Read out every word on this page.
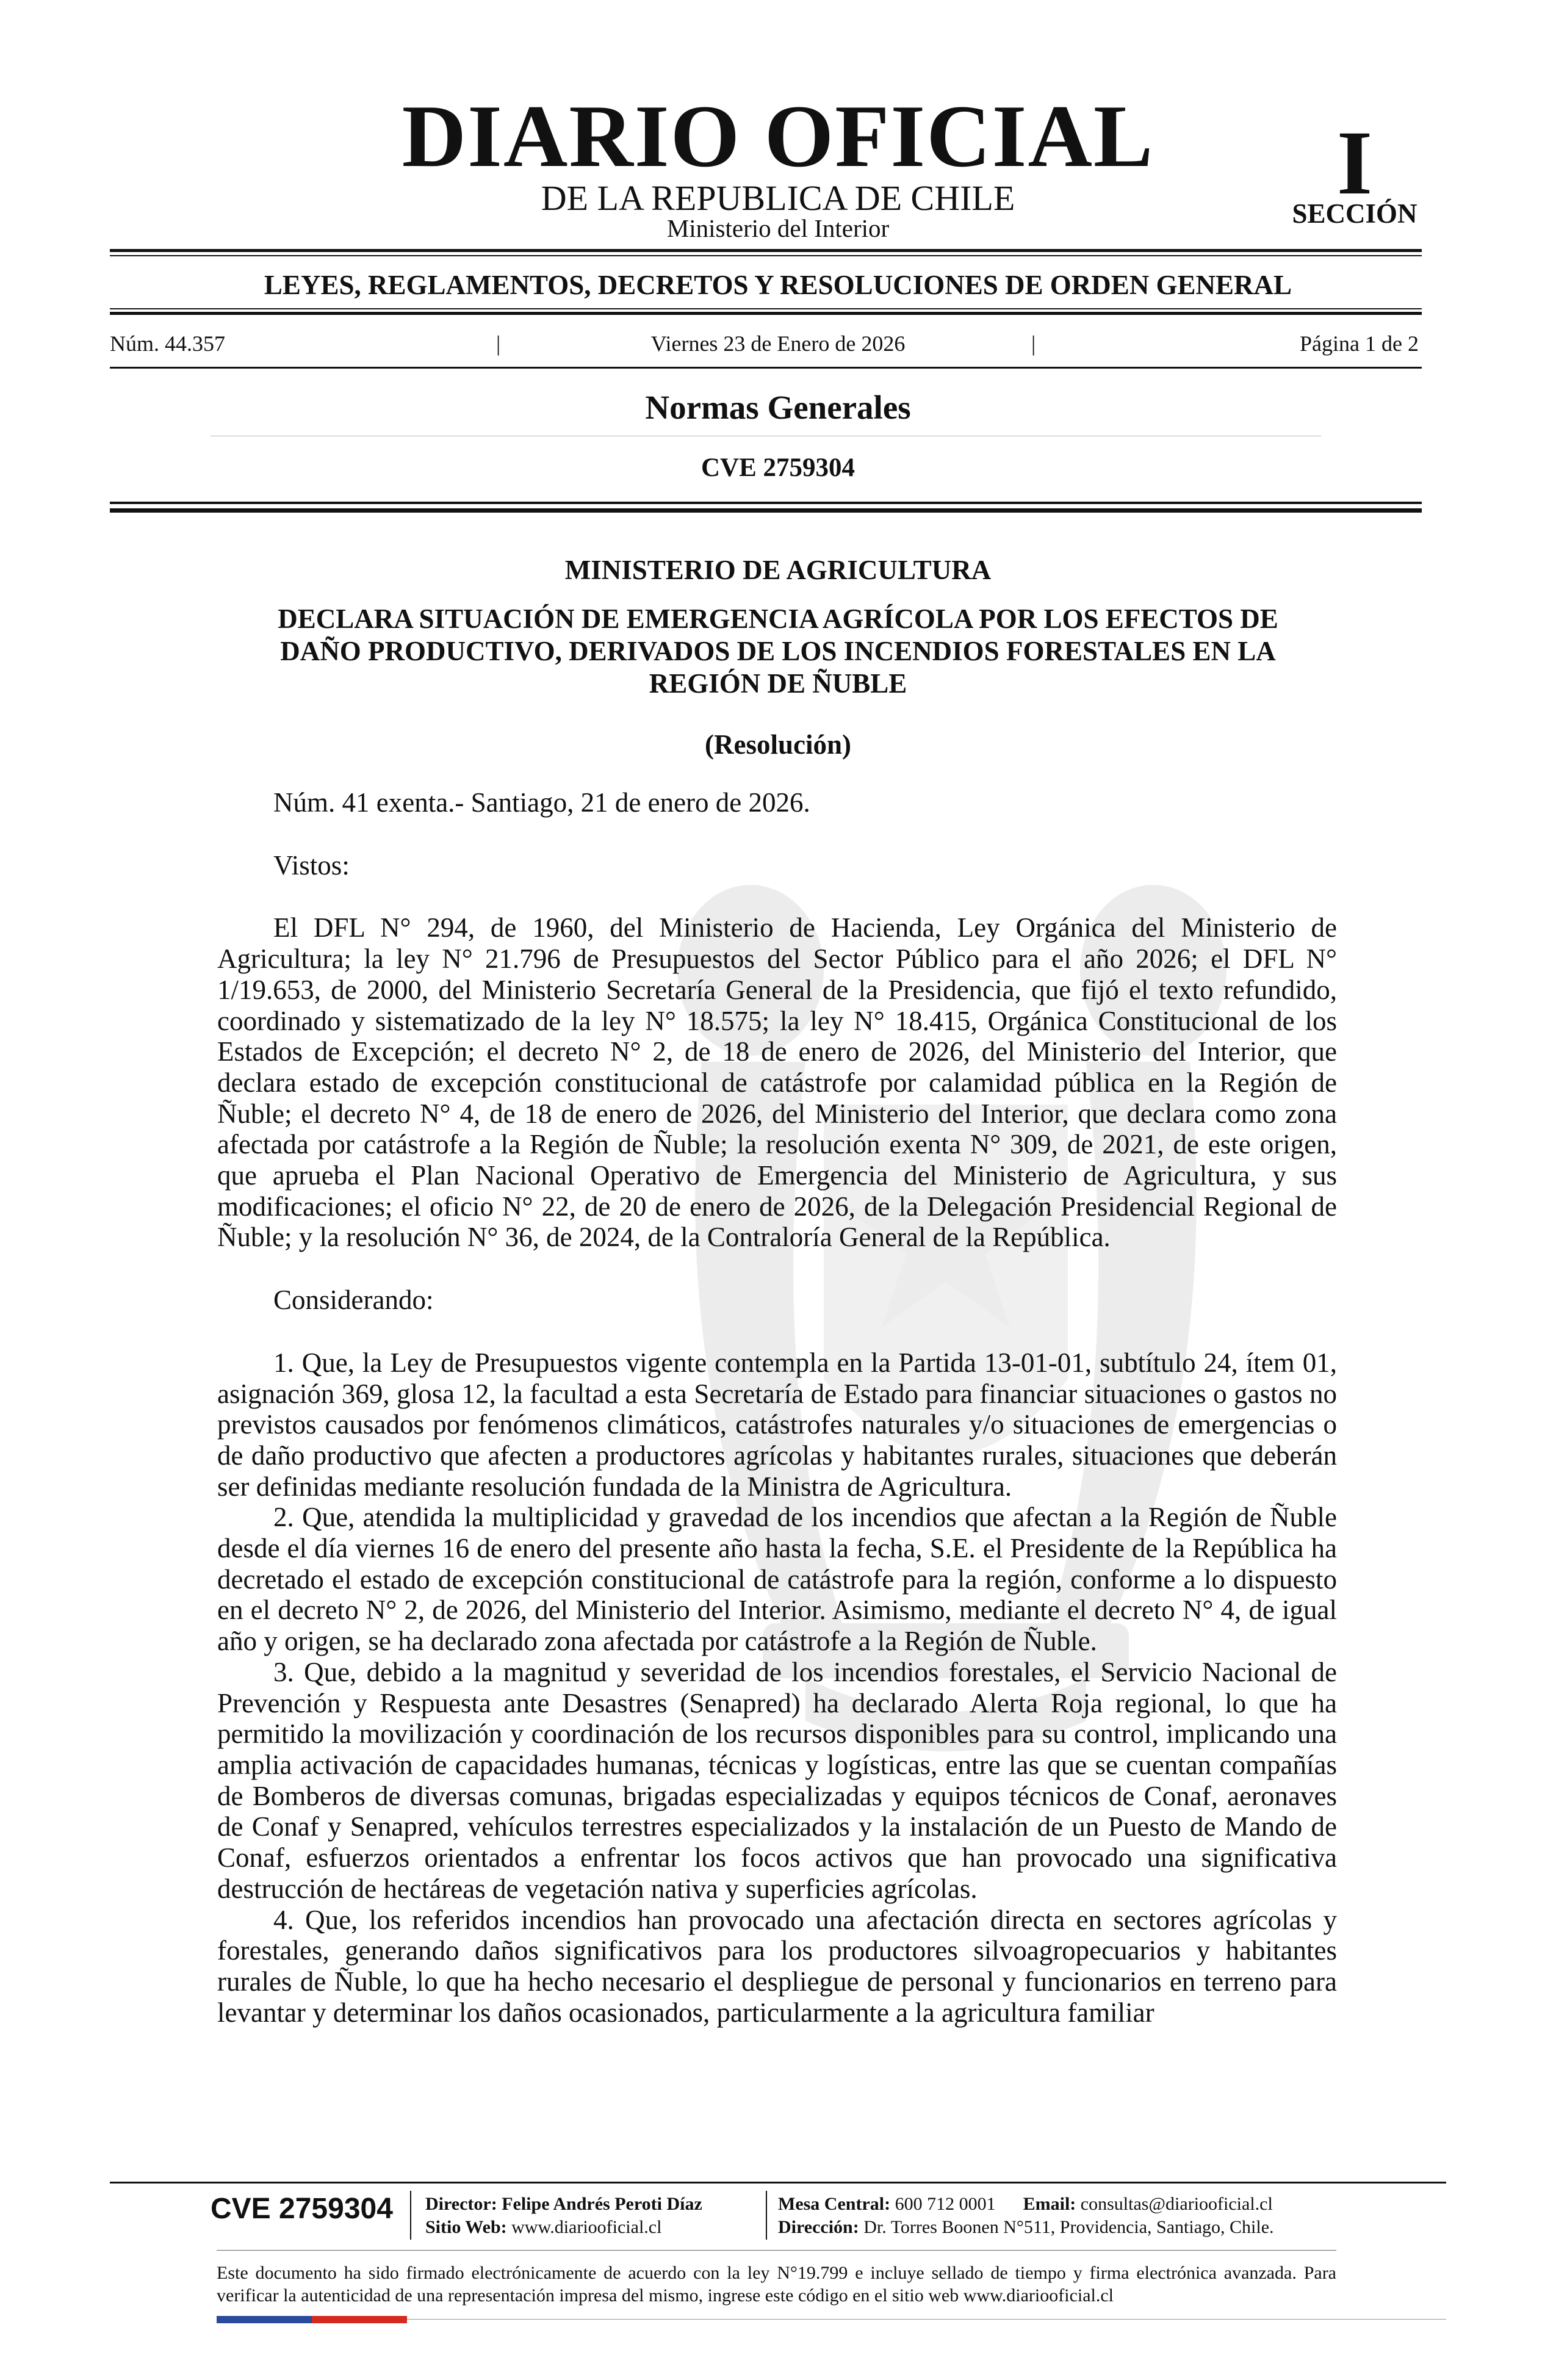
DIARIO OFICIAL
DE LA REPUBLICA DE CHILE
Ministerio del Interior
I
SECCIÓN
LEYES, REGLAMENTOS, DECRETOS Y RESOLUCIONES DE ORDEN GENERAL
Núm. 44.357	|	Viernes 23 de Enero de 2026	|	Página 1 de 2
Normas Generales
CVE 2759304
MINISTERIO DE AGRICULTURA
DECLARA SITUACIÓN DE EMERGENCIA AGRÍCOLA POR LOS EFECTOS DE
DAÑO PRODUCTIVO, DERIVADOS DE LOS INCENDIOS FORESTALES EN LA
REGIÓN DE ÑUBLE
(Resolución)

Núm. 41 exenta.- Santiago, 21 de enero de 2026.

Vistos:

El DFL N° 294, de 1960, del Ministerio de Hacienda, Ley Orgánica del Ministerio de Agricultura; la ley N° 21.796 de Presupuestos del Sector Público para el año 2026; el DFL N° 1/19.653, de 2000, del Ministerio Secretaría General de la Presidencia, que fijó el texto refundido, coordinado y sistematizado de la ley N° 18.575; la ley N° 18.415, Orgánica Constitucional de los Estados de Excepción; el decreto N° 2, de 18 de enero de 2026, del Ministerio del Interior, que declara estado de excepción constitucional de catástrofe por calamidad pública en la Región de Ñuble; el decreto N° 4, de 18 de enero de 2026, del Ministerio del Interior, que declara como zona afectada por catástrofe a la Región de Ñuble; la resolución exenta N° 309, de 2021, de este origen, que aprueba el Plan Nacional Operativo de Emergencia del Ministerio de Agricultura, y sus modificaciones; el oficio N° 22, de 20 de enero de 2026, de la Delegación Presidencial Regional de Ñuble; y la resolución N° 36, de 2024, de la Contraloría General de la República.

Considerando:

1. Que, la Ley de Presupuestos vigente contempla en la Partida 13-01-01, subtítulo 24, ítem 01, asignación 369, glosa 12, la facultad a esta Secretaría de Estado para financiar situaciones o gastos no previstos causados por fenómenos climáticos, catástrofes naturales y/o situaciones de emergencias o de daño productivo que afecten a productores agrícolas y habitantes rurales, situaciones que deberán ser definidas mediante resolución fundada de la Ministra de Agricultura.

2. Que, atendida la multiplicidad y gravedad de los incendios que afectan a la Región de Ñuble desde el día viernes 16 de enero del presente año hasta la fecha, S.E. el Presidente de la República ha decretado el estado de excepción constitucional de catástrofe para la región, conforme a lo dispuesto en el decreto N° 2, de 2026, del Ministerio del Interior. Asimismo, mediante el decreto N° 4, de igual año y origen, se ha declarado zona afectada por catástrofe a la Región de Ñuble.

3. Que, debido a la magnitud y severidad de los incendios forestales, el Servicio Nacional de Prevención y Respuesta ante Desastres (Senapred) ha declarado Alerta Roja regional, lo que ha permitido la movilización y coordinación de los recursos disponibles para su control, implicando una amplia activación de capacidades humanas, técnicas y logísticas, entre las que se cuentan compañías de Bomberos de diversas comunas, brigadas especializadas y equipos técnicos de Conaf, aeronaves de Conaf y Senapred, vehículos terrestres especializados y la instalación de un Puesto de Mando de Conaf, esfuerzos orientados a enfrentar los focos activos que han provocado una significativa destrucción de hectáreas de vegetación nativa y superficies agrícolas.

4. Que, los referidos incendios han provocado una afectación directa en sectores agrícolas y forestales, generando daños significativos para los productores silvoagropecuarios y habitantes rurales de Ñuble, lo que ha hecho necesario el despliegue de personal y funcionarios en terreno para levantar y determinar los daños ocasionados, particularmente a la agricultura familiar

CVE 2759304 Director: Felipe Andrés Peroti Díaz
Sitio Web: www.diariooficial.cl
Mesa Central: 600 712 0001 Email: consultas@diariooficial.cl
Dirección: Dr. Torres Boonen N°511, Providencia, Santiago, Chile.
Este documento ha sido firmado electrónicamente de acuerdo con la ley N°19.799 e incluye sellado de tiempo y firma electrónica avanzada. Para verificar la autenticidad de una representación impresa del mismo, ingrese este código en el sitio web www.diariooficial.cl
